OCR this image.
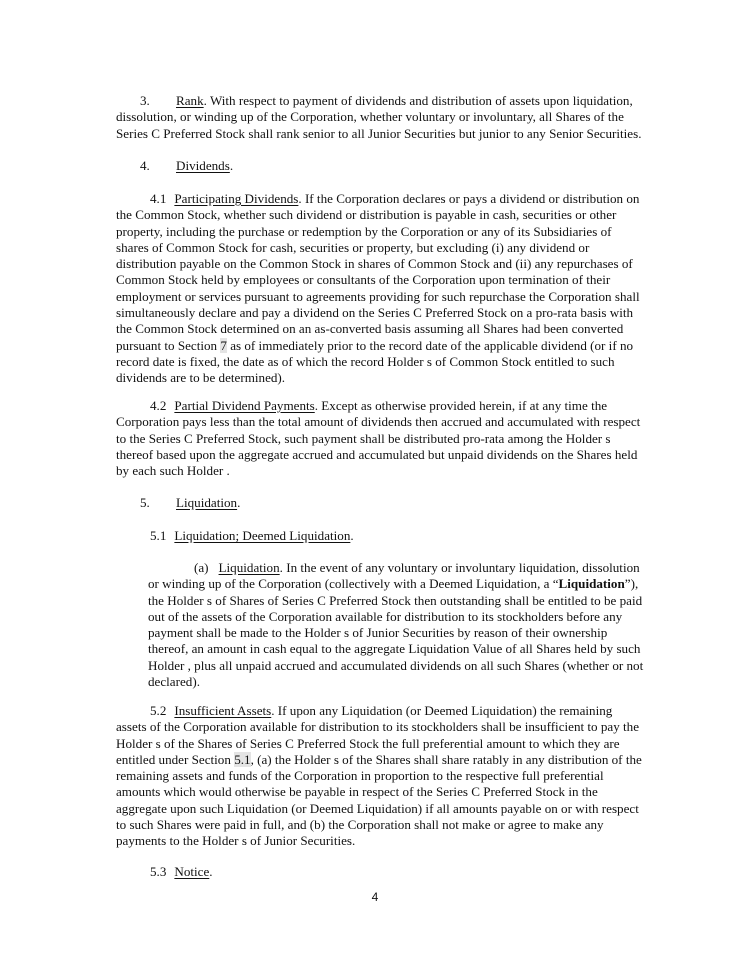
3. Rank. With respect to payment of dividends and distribution of assets upon liquidation,
dissolution, or winding up of the Corporation, whether voluntary or involuntary, all Shares of the
Series C Preferred Stock shall rank senior to all Junior Securities but junior to any Senior Securities.
4. Dividends.
4.1 Participating Dividends. If the Corporation declares or pays a dividend or distribution on
the Common Stock, whether such dividend or distribution is payable in cash, securities or other
property, including the purchase or redemption by the Corporation or any of its Subsidiaries of
shares of Common Stock for cash, securities or property, but excluding (i) any dividend or
distribution payable on the Common Stock in shares of Common Stock and (ii) any repurchases of
Common Stock held by employees or consultants of the Corporation upon termination of their
employment or services pursuant to agreements providing for such repurchase the Corporation shall
simultaneously declare and pay a dividend on the Series C Preferred Stock on a pro-rata basis with
the Common Stock determined on an as-converted basis assuming all Shares had been converted
pursuant to Section 7 as of immediately prior to the record date of the applicable dividend (or if no
record date is fixed, the date as of which the record Holder s of Common Stock entitled to such
dividends are to be determined).
4.2 Partial Dividend Payments. Except as otherwise provided herein, if at any time the
Corporation pays less than the total amount of dividends then accrued and accumulated with respect
to the Series C Preferred Stock, such payment shall be distributed pro-rata among the Holder s
thereof based upon the aggregate accrued and accumulated but unpaid dividends on the Shares held
by each such Holder .
5. Liquidation.
5.1 Liquidation; Deemed Liquidation.
(a) Liquidation. In the event of any voluntary or involuntary liquidation, dissolution
or winding up of the Corporation (collectively with a Deemed Liquidation, a “Liquidation”),
the Holder s of Shares of Series C Preferred Stock then outstanding shall be entitled to be paid
out of the assets of the Corporation available for distribution to its stockholders before any
payment shall be made to the Holder s of Junior Securities by reason of their ownership
thereof, an amount in cash equal to the aggregate Liquidation Value of all Shares held by such
Holder , plus all unpaid accrued and accumulated dividends on all such Shares (whether or not
declared).
5.2 Insufficient Assets. If upon any Liquidation (or Deemed Liquidation) the remaining
assets of the Corporation available for distribution to its stockholders shall be insufficient to pay the
Holder s of the Shares of Series C Preferred Stock the full preferential amount to which they are
entitled under Section 5.1, (a) the Holder s of the Shares shall share ratably in any distribution of the
remaining assets and funds of the Corporation in proportion to the respective full preferential
amounts which would otherwise be payable in respect of the Series C Preferred Stock in the
aggregate upon such Liquidation (or Deemed Liquidation) if all amounts payable on or with respect
to such Shares were paid in full, and (b) the Corporation shall not make or agree to make any
payments to the Holder s of Junior Securities.
5.3 Notice.
4
